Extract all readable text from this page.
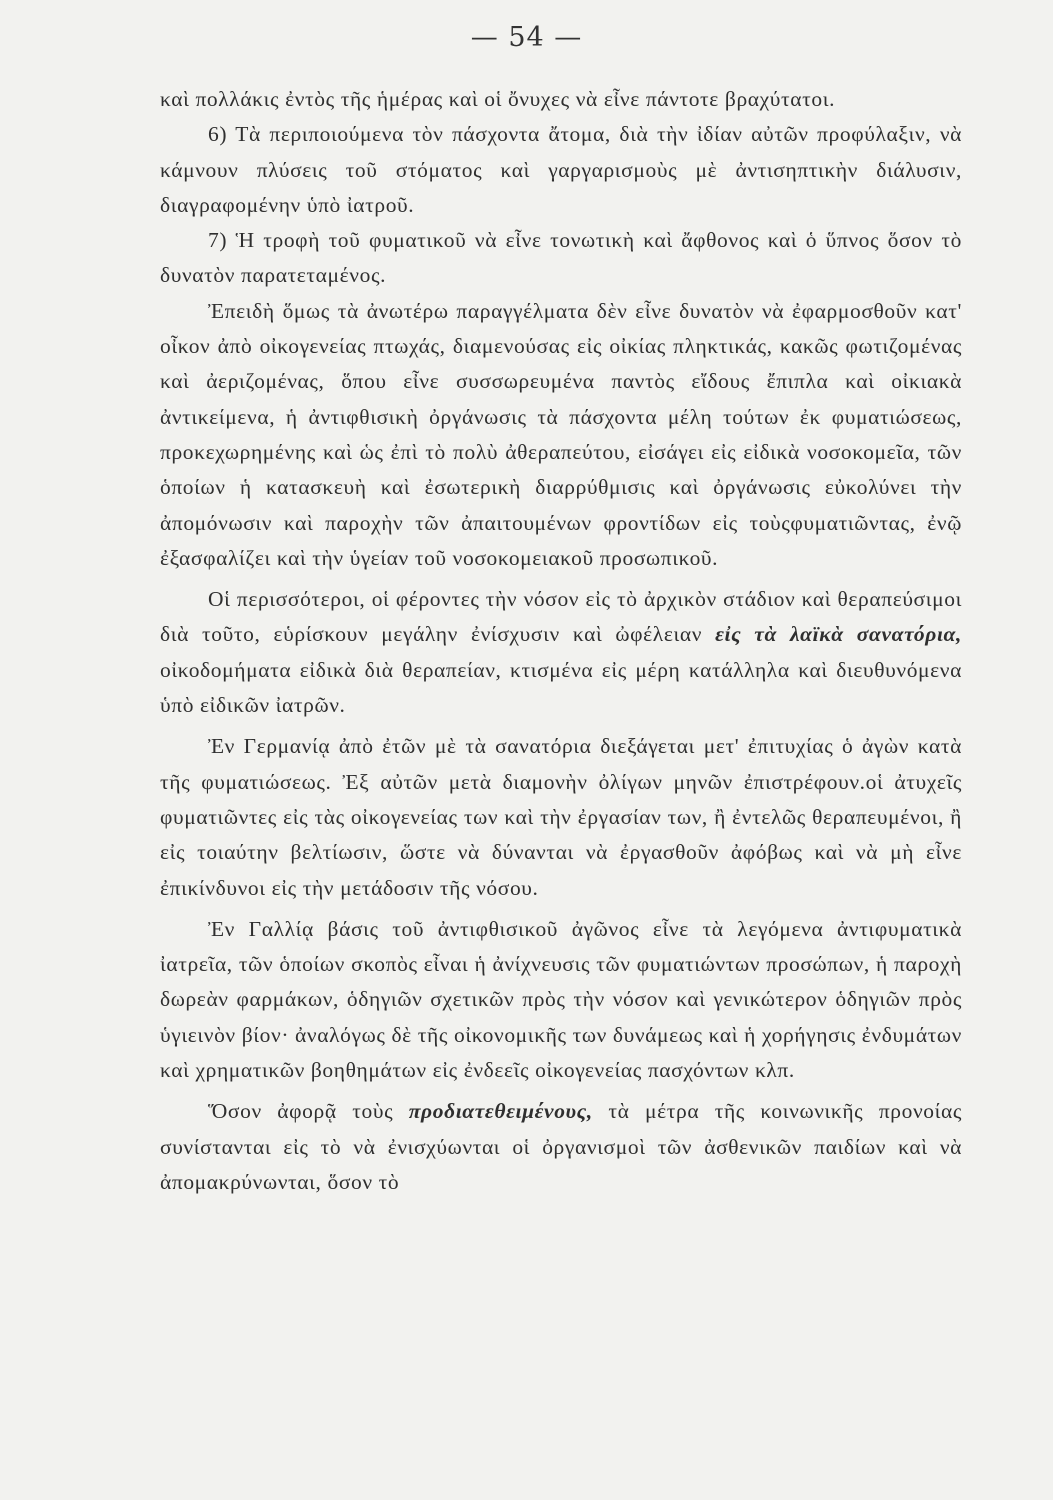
— 54 —

καὶ πολλάκις ἐντὸς τῆς ἡμέρας καὶ οἱ ὄνυχες νὰ εἶνε πάντοτε βραχύτατοι.

6) Τὰ περιποιούμενα τὸν πάσχοντα ἄτομα, διὰ τὴν ἰδίαν αὐτῶν προφύλαξιν, νὰ κάμνουν πλύσεις τοῦ στόματος καὶ γαργαρισμοὺς μὲ ἀντισηπτικὴν διάλυσιν, διαγραφομένην ὑπὸ ἰατροῦ.

7) Ἡ τροφὴ τοῦ φυματικοῦ νὰ εἶνε τονωτικὴ καὶ ἄφθονος καὶ ὁ ὕπνος ὅσον τὸ δυνατὸν παρατεταμένος.

Ἐπειδὴ ὅμως τὰ ἀνωτέρω παραγγέλματα δὲν εἶνε δυνατὸν νὰ ἐφαρμοσθοῦν κατ' οἶκον ἀπὸ οἰκογενείας πτωχάς, διαμενούσας εἰς οἰκίας πληκτικάς, κακῶς φωτιζομένας καὶ ἀεριζομένας, ὅπου εἶνε συσσωρευμένα παντὸς εἴδους ἔπιπλα καὶ οἰκιακὰ ἀντικείμενα, ἡ ἀντιφθισικὴ ὀργάνωσις τὰ πάσχοντα μέλη τούτων ἐκ φυματιώσεως, προκεχωρημένης καὶ ὡς ἐπὶ τὸ πολὺ ἀθεραπεύτου, εἰσάγει εἰς εἰδικὰ νοσοκομεῖα, τῶν ὁποίων ἡ κατασκευὴ καὶ ἐσωτερικὴ διαρρύθμισις καὶ ὀργάνωσις εὐκολύνει τὴν ἀπομόνωσιν καὶ παροχὴν τῶν ἀπαιτουμένων φροντίδων εἰς τοὺςφυματιῶντας, ἐνῷ ἐξασφαλίζει καὶ τὴν ὑγείαν τοῦ νοσοκομειακοῦ προσωπικοῦ.

Οἱ περισσότεροι, οἱ φέροντες τὴν νόσον εἰς τὸ ἀρχικὸν στάδιον καὶ θεραπεύσιμοι διὰ τοῦτο, εὑρίσκουν μεγάλην ἐνίσχυσιν καὶ ὠφέλειαν εἰς τὰ λαϊκὰ σανατόρια, οἰκοδομήματα εἰδικὰ διὰ θεραπείαν, κτισμένα εἰς μέρη κατάλληλα καὶ διευθυνόμενα ὑπὸ εἰδικῶν ἰατρῶν.

Ἐν Γερμανίᾳ ἀπὸ ἐτῶν μὲ τὰ σανατόρια διεξάγεται μετ' ἐπιτυχίας ὁ ἀγὼν κατὰ τῆς φυματιώσεως. Ἐξ αὐτῶν μετὰ διαμονὴν ὀλίγων μηνῶν ἐπιστρέφουν.οἱ ἀτυχεῖς φυματιῶντες εἰς τὰς οἰκογενείας των καὶ τὴν ἐργασίαν των, ἢ ἐντελῶς θεραπευμένοι, ἢ εἰς τοιαύτην βελτίωσιν, ὥστε νὰ δύνανται νὰ ἐργασθοῦν ἀφόβως καὶ νὰ μὴ εἶνε ἐπικίνδυνοι εἰς τὴν μετάδοσιν τῆς νόσου.

Ἐν Γαλλίᾳ βάσις τοῦ ἀντιφθισικοῦ ἀγῶνος εἶνε τὰ λεγόμενα ἀντιφυματικὰ ἰατρεῖα, τῶν ὁποίων σκοπὸς εἶναι ἡ ἀνίχνευσις τῶν φυματιώντων προσώπων, ἡ παροχὴ δωρεὰν φαρμάκων, ὁδηγιῶν σχετικῶν πρὸς τὴν νόσον καὶ γενικώτερον ὁδηγιῶν πρὸς ὑγιεινὸν βίον· ἀναλόγως δὲ τῆς οἰκονομικῆς των δυνάμεως καὶ ἡ χορήγησις ἐνδυμάτων καὶ χρηματικῶν βοηθημάτων εἰς ἐνδεεῖς οἰκογενείας πασχόντων κλπ.

Ὅσον ἀφορᾷ τοὺς προδιατεθειμένους, τὰ μέτρα τῆς κοινωνικῆς προνοίας συνίστανται εἰς τὸ νὰ ἐνισχύωνται οἱ ὀργανισμοὶ τῶν ἀσθενικῶν παιδίων καὶ νὰ ἀπομακρύνωνται, ὅσον τὸ
